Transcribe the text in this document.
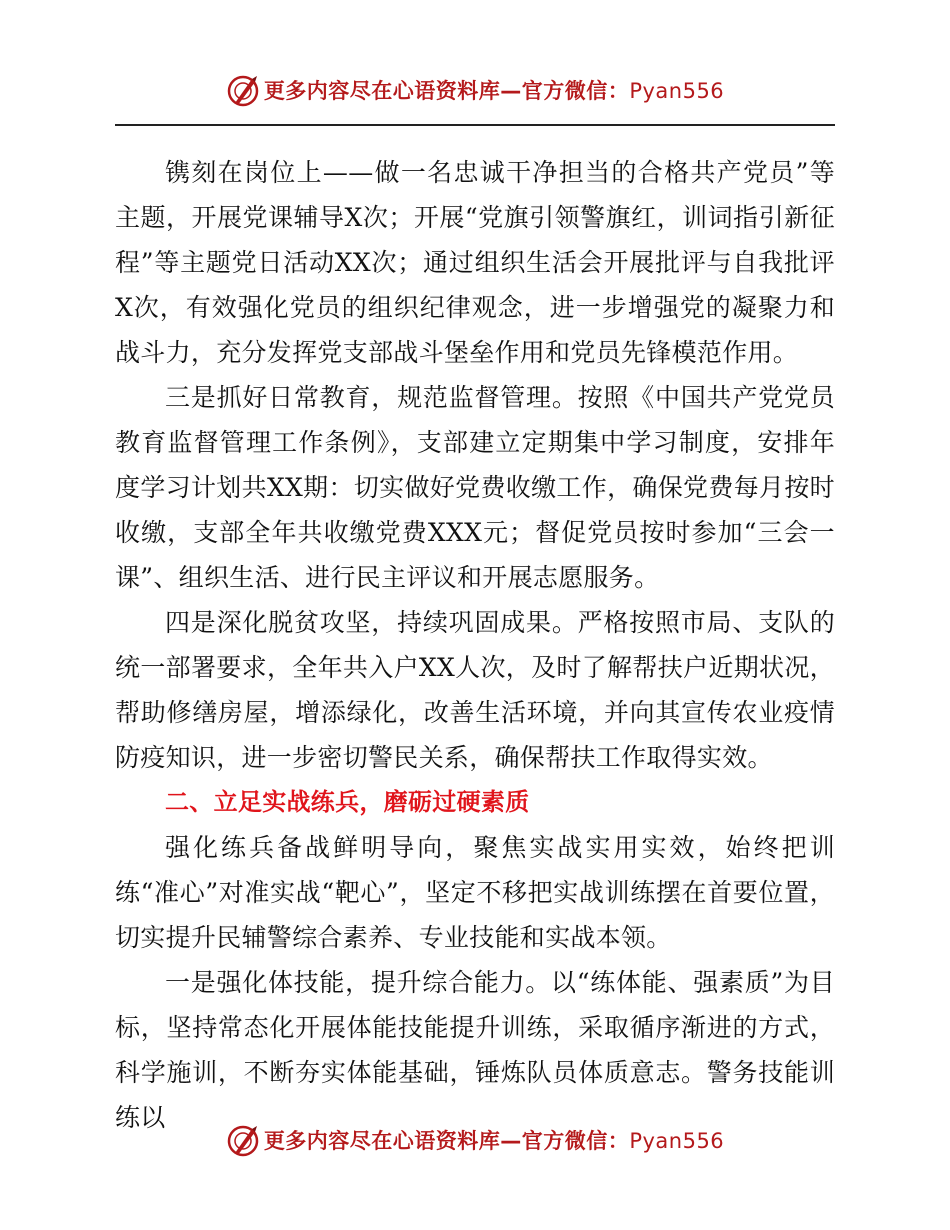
更多内容尽在心语资料库—官方微信：Pyan556

镌刻在岗位上——做一名忠诚干净担当的合格共产党员”等主题，开展党课辅导X次；开展“党旗引领警旗红，训词指引新征程”等主题党日活动XX次；通过组织生活会开展批评与自我批评X次，有效强化党员的组织纪律观念，进一步增强党的凝聚力和战斗力，充分发挥党支部战斗堡垒作用和党员先锋模范作用。

三是抓好日常教育，规范监督管理。按照《中国共产党党员教育监督管理工作条例》，支部建立定期集中学习制度，安排年度学习计划共XX期：切实做好党费收缴工作，确保党费每月按时收缴，支部全年共收缴党费XXX元；督促党员按时参加“三会一课”、组织生活、进行民主评议和开展志愿服务。

四是深化脱贫攻坚，持续巩固成果。严格按照市局、支队的统一部署要求，全年共入户XX人次，及时了解帮扶户近期状况，帮助修缮房屋，增添绿化，改善生活环境，并向其宣传农业疫情防疫知识，进一步密切警民关系，确保帮扶工作取得实效。

二、立足实战练兵，磨砺过硬素质

强化练兵备战鲜明导向，聚焦实战实用实效，始终把训练“准心”对准实战“靶心”，坚定不移把实战训练摆在首要位置，切实提升民辅警综合素养、专业技能和实战本领。

一是强化体技能，提升综合能力。以“练体能、强素质”为目标，坚持常态化开展体能技能提升训练，采取循序渐进的方式，科学施训，不断夯实体能基础，锤炼队员体质意志。警务技能训练以

更多内容尽在心语资料库—官方微信：Pyan556
